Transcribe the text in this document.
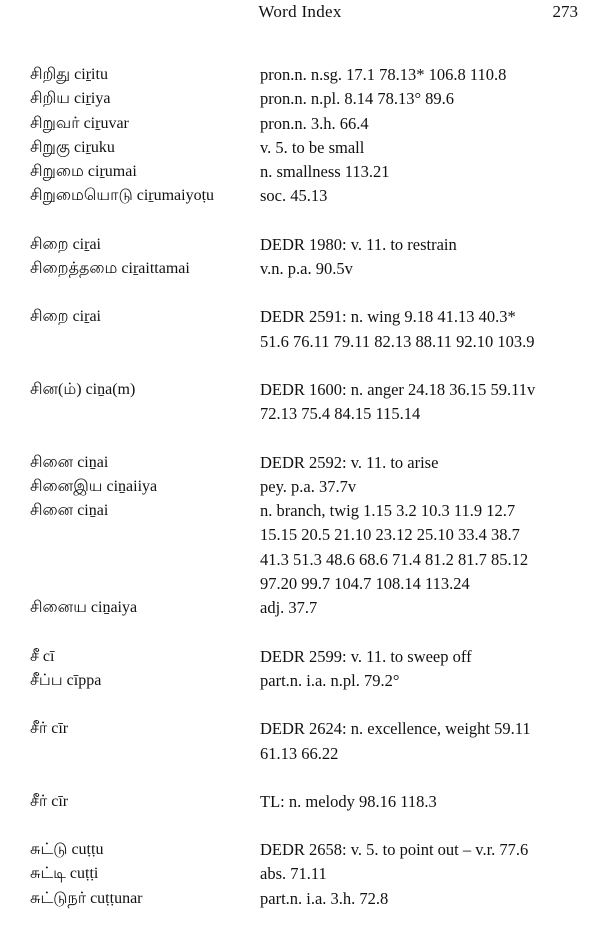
Word Index	273
சிறிது ciṟitu	pron.n. n.sg. 17.1 78.13* 106.8 110.8
சிறிய ciṟiya	pron.n. n.pl. 8.14 78.13° 89.6
சிறுவர் ciṟuvar	pron.n. 3.h. 66.4
சிறுகு ciṟuku	v. 5. to be small
சிறுமை ciṟumai	n. smallness 113.21
சிறுமையொடு ciṟumaiyoṭu	soc. 45.13
சிறை ciṟai	DEDR 1980: v. 11. to restrain
சிறைத்தமை ciṟaittamai	v.n. p.a. 90.5v
சிறை ciṟai	DEDR 2591: n. wing 9.18 41.13 40.3*
51.6 76.11 79.11 82.13 88.11 92.10 103.9
சின(ம்) ciṉa(m)	DEDR 1600: n. anger 24.18 36.15 59.11v
72.13 75.4 84.15 115.14
சினை ciṉai	DEDR 2592: v. 11. to arise
சினைஇய ciṉaiiya	pey. p.a. 37.7v
சினை ciṉai	n. branch, twig 1.15 3.2 10.3 11.9 12.7
15.15 20.5 21.10 23.12 25.10 33.4 38.7
41.3 51.3 48.6 68.6 71.4 81.2 81.7 85.12
97.20 99.7 104.7 108.14 113.24
சினைய ciṉaiya	adj. 37.7
சீ cī	DEDR 2599: v. 11. to sweep off
சீப்ப cīppa	part.n. i.a. n.pl. 79.2°
சீர் cīr	DEDR 2624: n. excellence, weight 59.11
61.13 66.22
சீர் cīr	TL: n. melody 98.16 118.3
சுட்டு cuṭṭu	DEDR 2658: v. 5. to point out – v.r. 77.6
சுட்டி cuṭṭi	abs. 71.11
சுட்டுநர் cuṭṭunar	part.n. i.a. 3.h. 72.8
